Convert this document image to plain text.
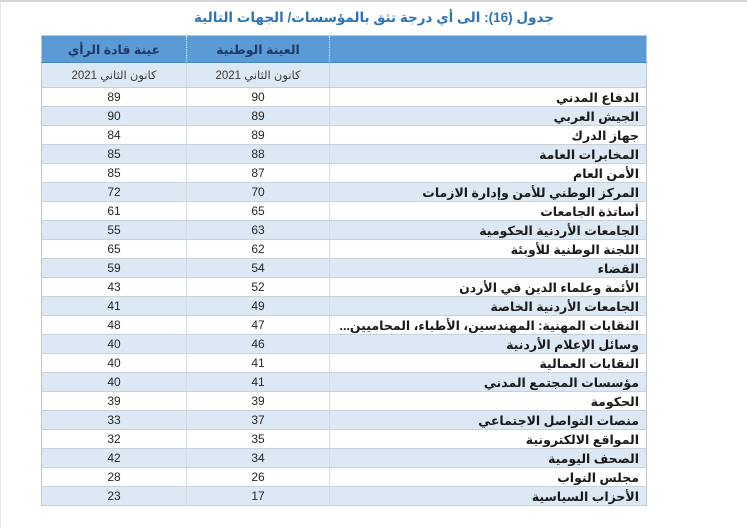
جدول (16): الى أي درجة تثق بالمؤسسات/ الجهات التالية
	العينة الوطنية	عينة قادة الرأي
	كانون الثاني 2021	كانون الثاني 2021
الدفاع المدني	90	89
الجيش العربي	89	90
جهاز الدرك	89	84
المخابرات العامة	88	85
الأمن العام	87	85
المركز الوطني للأمن وإدارة الازمات	70	72
أساتذة الجامعات	65	61
الجامعات الأردنية الحكومية	63	55
اللجنة الوطنية للأوبئة	62	65
القضاء	54	59
الأئمة وعلماء الدين في الأردن	52	43
الجامعات الأردنية الخاصة	49	41
النقابات المهنية: المهندسين، الأطباء، المحاميين...	47	48
وسائل الإعلام الأردنية	46	40
النقابات العمالية	41	40
مؤسسات المجتمع المدني	41	40
الحكومة	39	39
منصات التواصل الاجتماعي	37	33
المواقع الالكترونية	35	32
الصحف اليومية	34	42
مجلس النواب	26	28
الأحزاب السياسية	17	23
